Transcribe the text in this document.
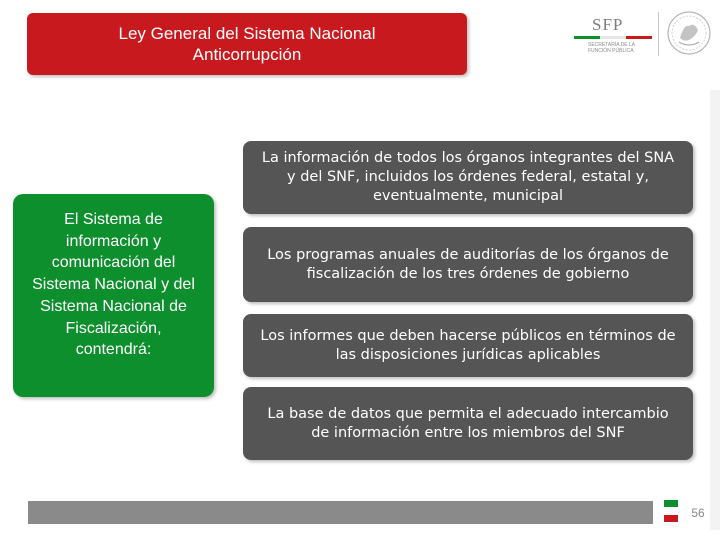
Ley General del Sistema Nacional Anticorrupción
SFP
SECRETARÍA DE LA FUNCIÓN PÚBLICA
El Sistema de información y comunicación del Sistema Nacional y del Sistema Nacional de Fiscalización, contendrá:
La información de todos los órganos integrantes del SNA y del SNF, incluidos los órdenes federal, estatal y, eventualmente, municipal
Los programas anuales de auditorías de los órganos de fiscalización de los tres órdenes de gobierno
Los informes que deben hacerse públicos en términos de las disposiciones jurídicas aplicables
La base de datos que permita el adecuado intercambio de información entre los miembros del SNF
56
